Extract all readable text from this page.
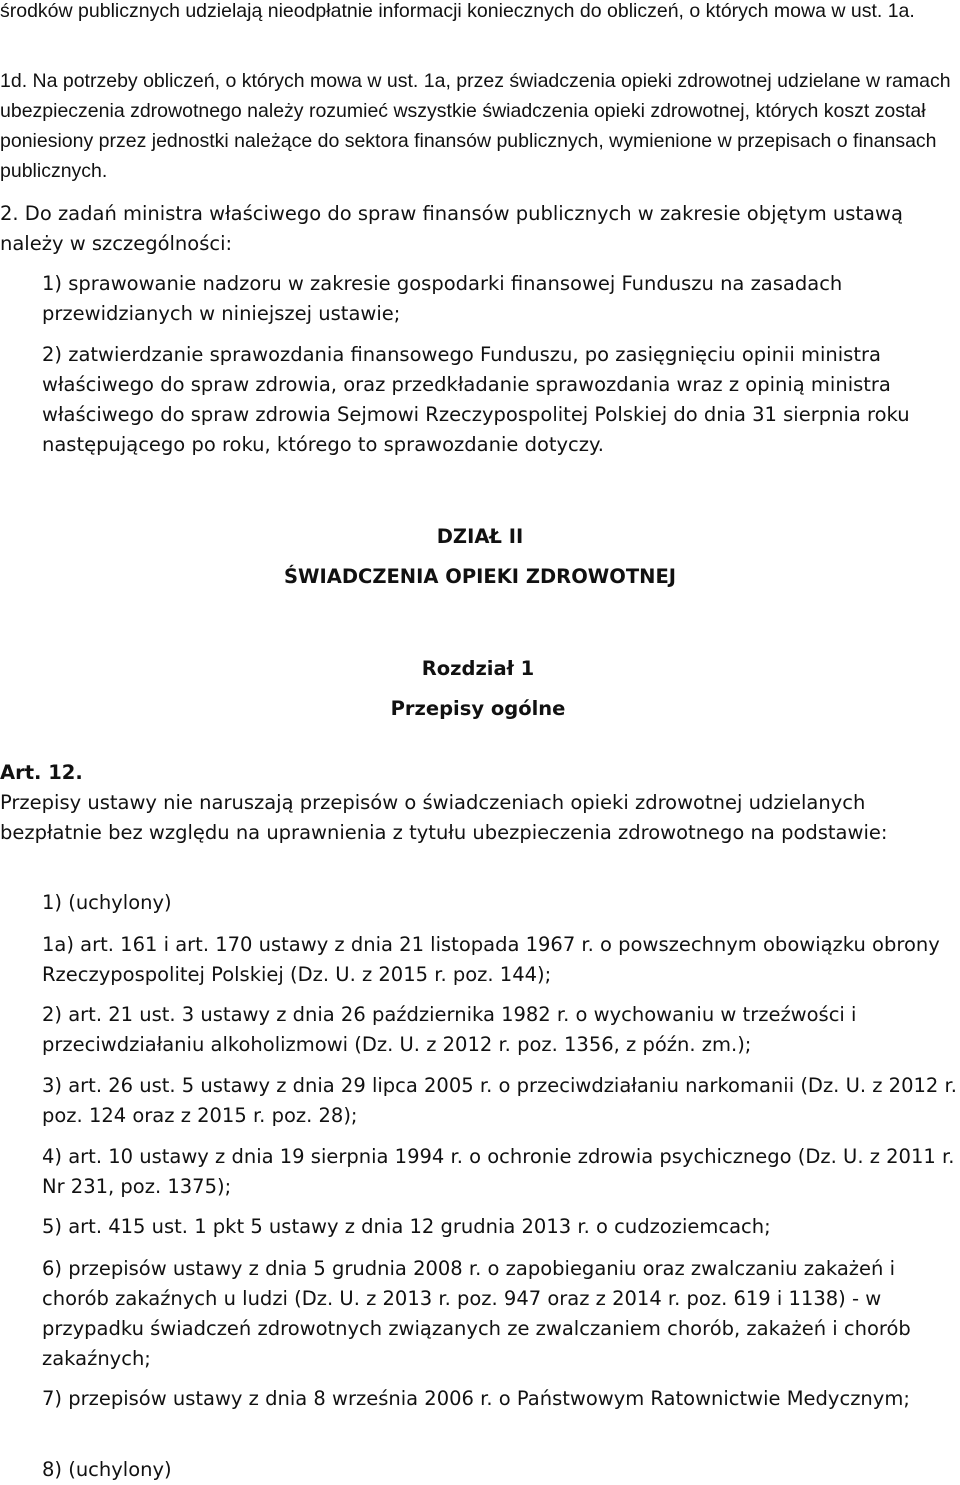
środków publicznych udzielają nieodpłatnie informacji koniecznych do obliczeń, o których mowa w ust. 1a.

1d. Na potrzeby obliczeń, o których mowa w ust. 1a, przez świadczenia opieki zdrowotnej udzielane w ramach ubezpieczenia zdrowotnego należy rozumieć wszystkie świadczenia opieki zdrowotnej, których koszt został poniesiony przez jednostki należące do sektora finansów publicznych, wymienione w przepisach o finansach publicznych.

2. Do zadań ministra właściwego do spraw finansów publicznych w zakresie objętym ustawą należy w szczególności:

1) sprawowanie nadzoru w zakresie gospodarki finansowej Funduszu na zasadach przewidzianych w niniejszej ustawie;

2) zatwierdzanie sprawozdania finansowego Funduszu, po zasięgnięciu opinii ministra właściwego do spraw zdrowia, oraz przedkładanie sprawozdania wraz z opinią ministra właściwego do spraw zdrowia Sejmowi Rzeczypospolitej Polskiej do dnia 31 sierpnia roku następującego po roku, którego to sprawozdanie dotyczy.

DZIAŁ II
ŚWIADCZENIA OPIEKI ZDROWOTNEJ
Rozdział 1
Przepisy ogólne
Art. 12.

Przepisy ustawy nie naruszają przepisów o świadczeniach opieki zdrowotnej udzielanych bezpłatnie bez względu na uprawnienia z tytułu ubezpieczenia zdrowotnego na podstawie:

1) (uchylony)

1a) art. 161 i art. 170 ustawy z dnia 21 listopada 1967 r. o powszechnym obowiązku obrony Rzeczypospolitej Polskiej (Dz. U. z 2015 r. poz. 144);

2) art. 21 ust. 3 ustawy z dnia 26 października 1982 r. o wychowaniu w trzeźwości i przeciwdziałaniu alkoholizmowi (Dz. U. z 2012 r. poz. 1356, z późn. zm.);

3) art. 26 ust. 5 ustawy z dnia 29 lipca 2005 r. o przeciwdziałaniu narkomanii (Dz. U. z 2012 r. poz. 124 oraz z 2015 r. poz. 28);

4) art. 10 ustawy z dnia 19 sierpnia 1994 r. o ochronie zdrowia psychicznego (Dz. U. z 2011 r. Nr 231, poz. 1375);

5) art. 415 ust. 1 pkt 5 ustawy z dnia 12 grudnia 2013 r. o cudzoziemcach;

6) przepisów ustawy z dnia 5 grudnia 2008 r. o zapobieganiu oraz zwalczaniu zakażeń i chorób zakaźnych u ludzi (Dz. U. z 2013 r. poz. 947 oraz z 2014 r. poz. 619 i 1138) - w przypadku świadczeń zdrowotnych związanych ze zwalczaniem chorób, zakażeń i chorób zakaźnych;

7) przepisów ustawy z dnia 8 września 2006 r. o Państwowym Ratownictwie Medycznym;

8) (uchylony)
